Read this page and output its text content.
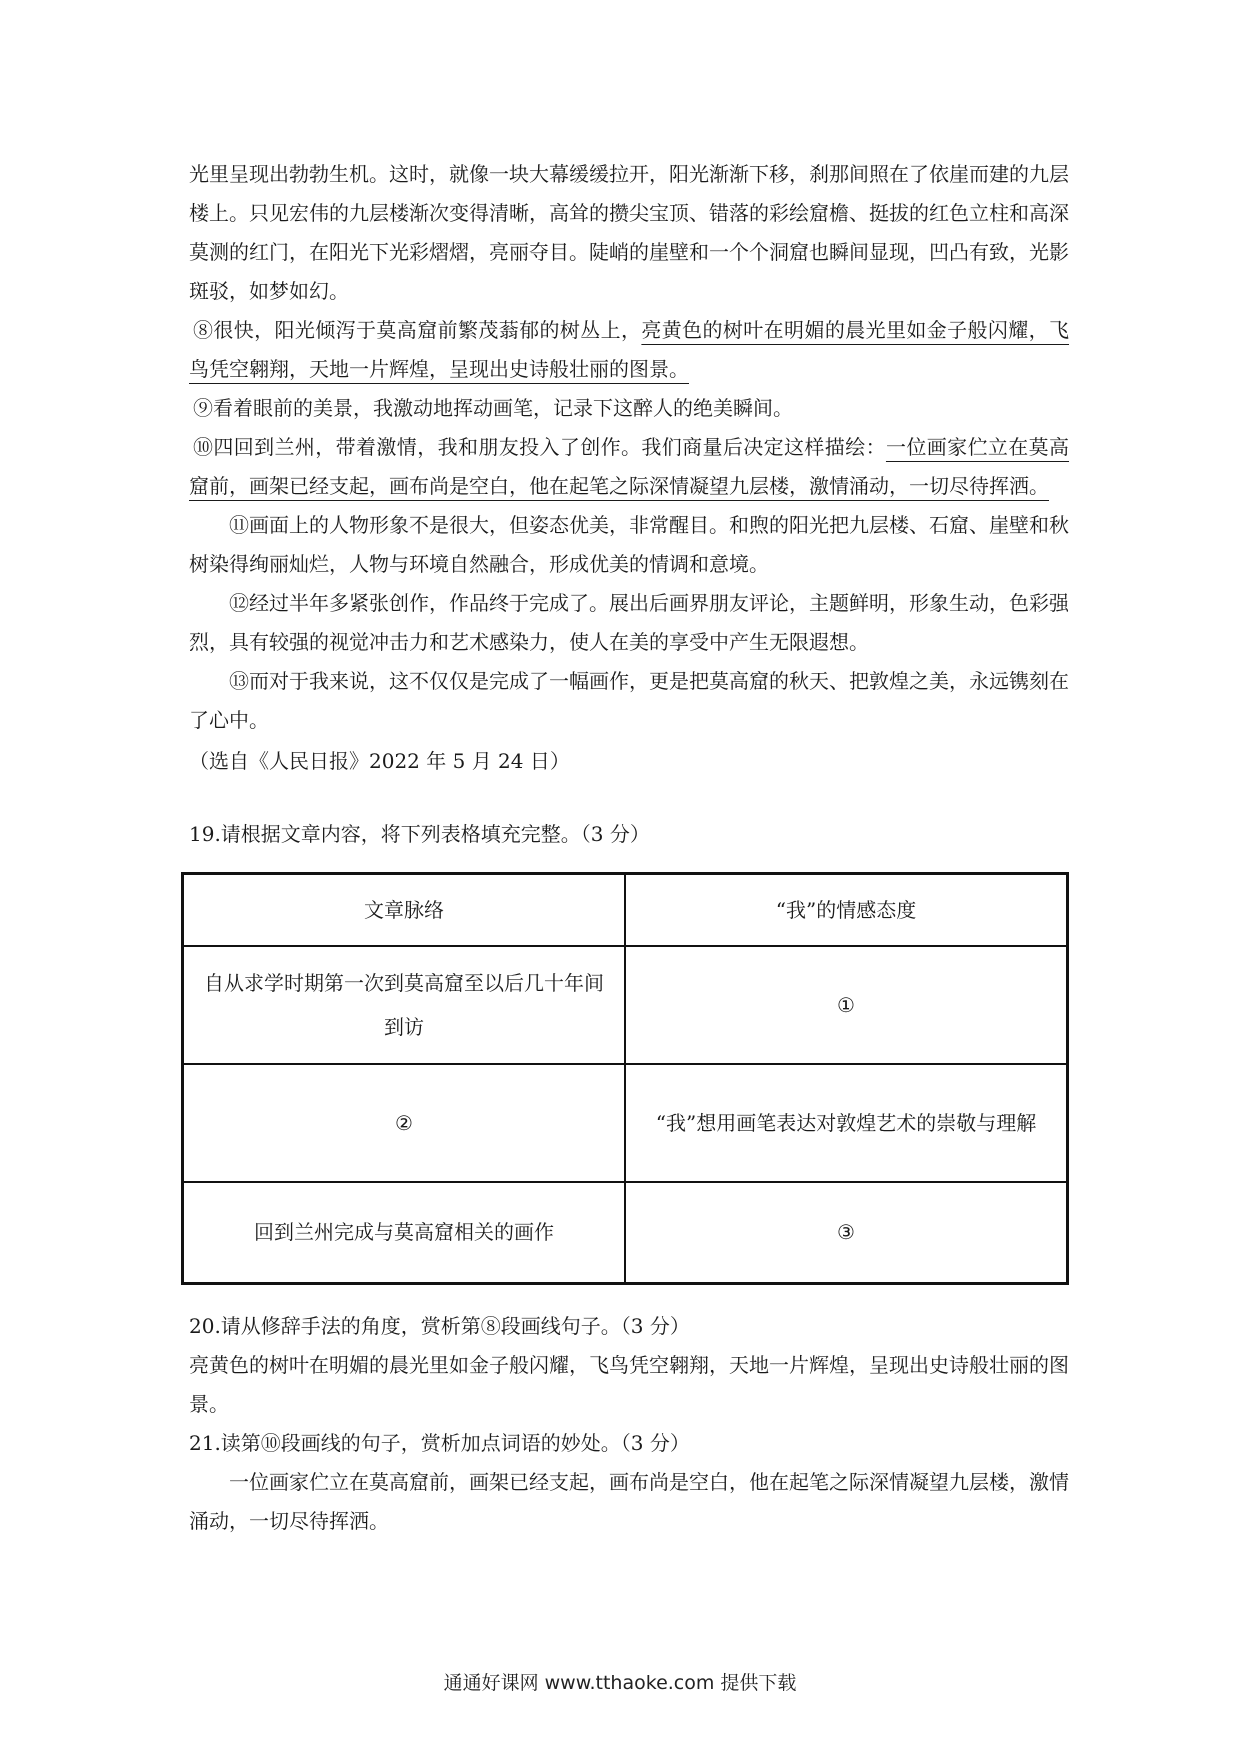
光里呈现出勃勃生机。这时，就像一块大幕缓缓拉开，阳光渐渐下移，刹那间照在了依崖而建的九层楼上。只见宏伟的九层楼渐次变得清晰，高耸的攒尖宝顶、错落的彩绘窟檐、挺拔的红色立柱和高深莫测的红门，在阳光下光彩熠熠，亮丽夺目。陡峭的崖壁和一个个洞窟也瞬间显现，凹凸有致，光影斑驳，如梦如幻。

⑧很快，阳光倾泻于莫高窟前繁茂蓊郁的树丛上，亮黄色的树叶在明媚的晨光里如金子般闪耀，飞鸟凭空翱翔，天地一片辉煌，呈现出史诗般壮丽的图景。

⑨看着眼前的美景，我激动地挥动画笔，记录下这醉人的绝美瞬间。

⑩四回到兰州，带着激情，我和朋友投入了创作。我们商量后决定这样描绘：一位画家伫立在莫高窟前，画架已经支起，画布尚是空白，他在起笔之际深情凝望九层楼，激情涌动，一切尽待挥洒。

⑪画面上的人物形象不是很大，但姿态优美，非常醒目。和煦的阳光把九层楼、石窟、崖壁和秋树染得绚丽灿烂，人物与环境自然融合，形成优美的情调和意境。

⑫经过半年多紧张创作，作品终于完成了。展出后画界朋友评论，主题鲜明，形象生动，色彩强烈，具有较强的视觉冲击力和艺术感染力，使人在美的享受中产生无限遐想。

⑬而对于我来说，这不仅仅是完成了一幅画作，更是把莫高窟的秋天、把敦煌之美，永远镌刻在了心中。

（选自《人民日报》2022 年 5 月 24 日）

19.请根据文章内容，将下列表格填充完整。（3 分）

文章脉络	“我”的情感态度
自从求学时期第一次到莫高窟至以后几十年间到访	①
②	“我”想用画笔表达对敦煌艺术的崇敬与理解
回到兰州完成与莫高窟相关的画作	③

20.请从修辞手法的角度，赏析第⑧段画线句子。（3 分）

亮黄色的树叶在明媚的晨光里如金子般闪耀，飞鸟凭空翱翔，天地一片辉煌，呈现出史诗般壮丽的图景。

21.读第⑩段画线的句子，赏析加点词语的妙处。（3 分）

一位画家伫立在莫高窟前，画架已经支起，画布尚是空白，他在起笔之际深情凝望九层楼，激情涌动，一切尽待挥洒。

通通好课网 www.tthaoke.com 提供下载
